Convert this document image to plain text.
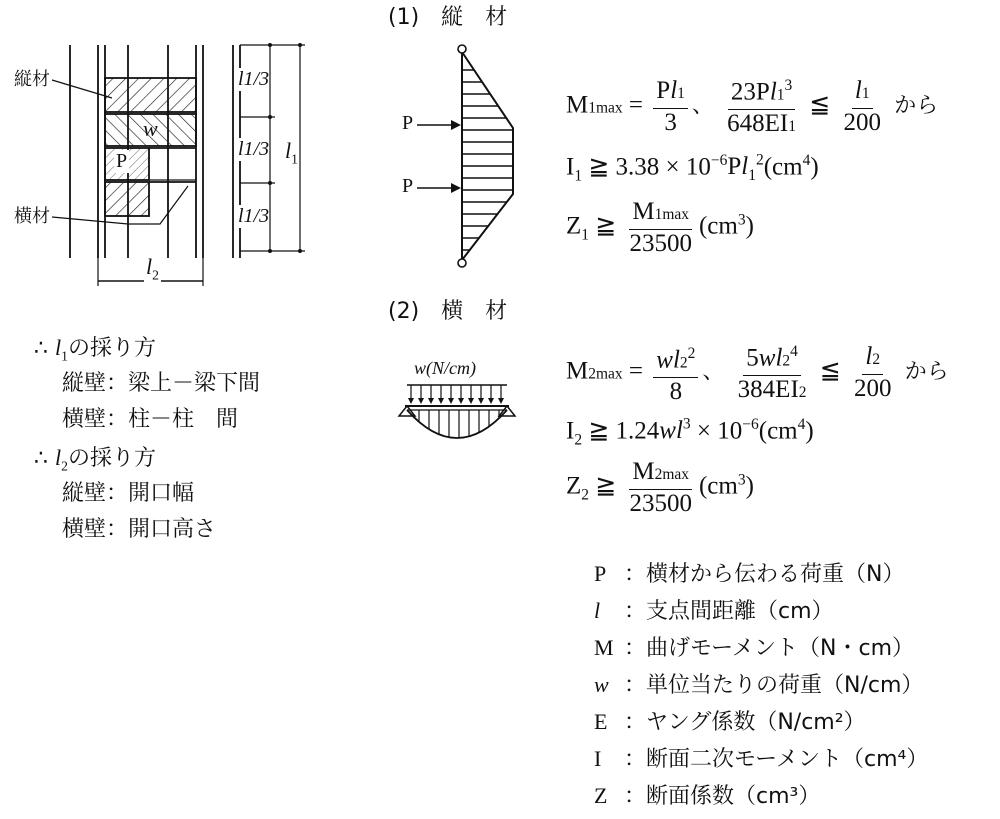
縦材
横材
w
P
$l_2$
l1/3
l1/3
l1/3
$l_1$
∴ $l_1$の採り方
縦壁：梁上－梁下間
横壁：柱－柱　間
∴ $l_2$の採り方
縦壁：開口幅
横壁：開口高さ
(1)　縦　材
P
P
$M1\max = \frac{Pl1}{3}$ 、 $\frac{23Pl1^3}{648EI1}$ ≦ $\frac{l1}{200}$ から
$I_1$ ≧ $3.38 \times 10^{-6}Pl_1^2(cm^4)$
$Z_1$ ≧ $\frac{M1\max}{23500} (cm^3)$
(2)　横　材
w(N/cm)	$M2\max = \frac{wl2^2}{8}$ 、 $\frac{5wl2^4}{384EI2}$ ≦ $\frac{l2}{200}$ から
$I_2$ ≧ $1.24wl^3 \times 10^{-6}(cm^4)$
$Z_2$ ≧ $\frac{M2\max}{23500} (cm^3)$
P ：横材から伝わる荷重（N）
l ：支点間距離（cm）
M ：曲げモーメント（N・cm）
w ：単位当たりの荷重（N/cm）
E ：ヤング係数（N/cm²）
I ：断面二次モーメント（cm⁴）
Z ：断面係数（cm³）
